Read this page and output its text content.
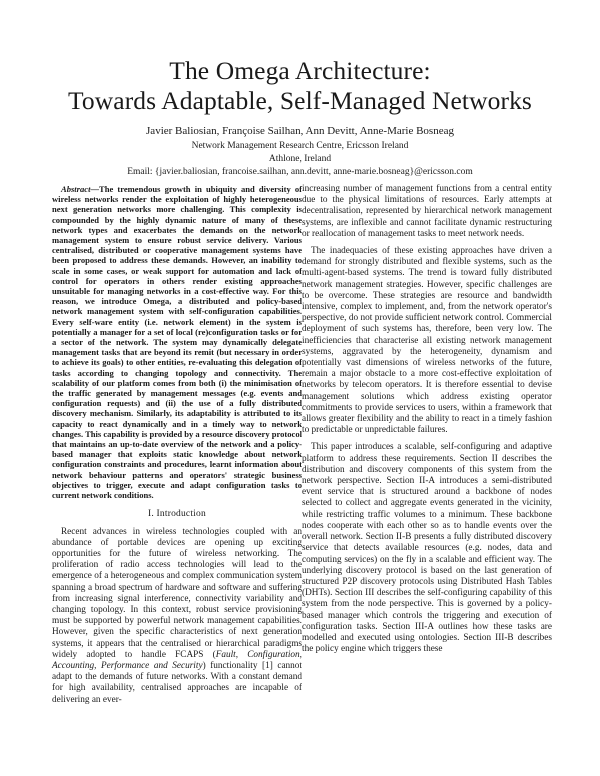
The Omega Architecture:
Towards Adaptable, Self-Managed Networks
Javier Baliosian, Françoise Sailhan, Ann Devitt, Anne-Marie Bosneag
Network Management Research Centre, Ericsson Ireland
Athlone, Ireland
Email: {javier.baliosian, francoise.sailhan, ann.devitt, anne-marie.bosneag}@ericsson.com

Abstract—The tremendous growth in ubiquity and diversity of wireless networks render the exploitation of highly heterogeneous next generation networks more challenging. This complexity is compounded by the highly dynamic nature of many of these network types and exacerbates the demands on the network management system to ensure robust service delivery. Various centralised, distributed or cooperative management systems have been proposed to address these demands. However, an inability to scale in some cases, or weak support for automation and lack of control for operators in others render existing approaches unsuitable for managing networks in a cost-effective way. For this reason, we introduce Omega, a distributed and policy-based network management system with self-configuration capabilities. Every self-ware entity (i.e. network element) in the system is potentially a manager for a set of local (re)configuration tasks or for a sector of the network. The system may dynamically delegate management tasks that are beyond its remit (but necessary in order to achieve its goals) to other entities, re-evaluating this delegation of tasks according to changing topology and connectivity. The scalability of our platform comes from both (i) the minimisation of the traffic generated by management messages (e.g. events and configuration requests) and (ii) the use of a fully distributed discovery mechanism. Similarly, its adaptability is attributed to its capacity to react dynamically and in a timely way to network changes. This capability is provided by a resource discovery protocol that maintains an up-to-date overview of the network and a policy-based manager that exploits static knowledge about network configuration constraints and procedures, learnt information about network behaviour patterns and operators' strategic business objectives to trigger, execute and adapt configuration tasks to current network conditions.

I. Introduction

Recent advances in wireless technologies coupled with an abundance of portable devices are opening up exciting opportunities for the future of wireless networking. The proliferation of radio access technologies will lead to the emergence of a heterogeneous and complex communication system spanning a broad spectrum of hardware and software and suffering from increasing signal interference, connectivity variability and changing topology. In this context, robust service provisioning must be supported by powerful network management capabilities. However, given the specific characteristics of next generation systems, it appears that the centralised or hierarchical paradigms widely adopted to handle FCAPS (Fault, Configuration, Accounting, Performance and Security) functionality [1] cannot adapt to the demands of future networks. With a constant demand for high availability, centralised approaches are incapable of delivering an ever-

increasing number of management functions from a central entity due to the physical limitations of resources. Early attempts at decentralisation, represented by hierarchical network management systems, are inflexible and cannot facilitate dynamic restructuring or reallocation of management tasks to meet network needs.

The inadequacies of these existing approaches have driven a demand for strongly distributed and flexible systems, such as the multi-agent-based systems. The trend is toward fully distributed network management strategies. However, specific challenges are to be overcome. These strategies are resource and bandwidth intensive, complex to implement, and, from the network operator's perspective, do not provide sufficient network control. Commercial deployment of such systems has, therefore, been very low. The inefficiencies that characterise all existing network management systems, aggravated by the heterogeneity, dynamism and potentially vast dimensions of wireless networks of the future, remain a major obstacle to a more cost-effective exploitation of networks by telecom operators. It is therefore essential to devise management solutions which address existing operator commitments to provide services to users, within a framework that allows greater flexibility and the ability to react in a timely fashion to predictable or unpredictable failures.

This paper introduces a scalable, self-configuring and adaptive platform to address these requirements. Section II describes the distribution and discovery components of this system from the network perspective. Section II-A introduces a semi-distributed event service that is structured around a backbone of nodes selected to collect and aggregate events generated in the vicinity, while restricting traffic volumes to a minimum. These backbone nodes cooperate with each other so as to handle events over the overall network. Section II-B presents a fully distributed discovery service that detects available resources (e.g. nodes, data and computing services) on the fly in a scalable and efficient way. The underlying discovery protocol is based on the last generation of structured P2P discovery protocols using Distributed Hash Tables (DHTs). Section III describes the self-configuring capability of this system from the node perspective. This is governed by a policy-based manager which controls the triggering and execution of configuration tasks. Section III-A outlines how these tasks are modelled and executed using ontologies. Section III-B describes the policy engine which triggers these
